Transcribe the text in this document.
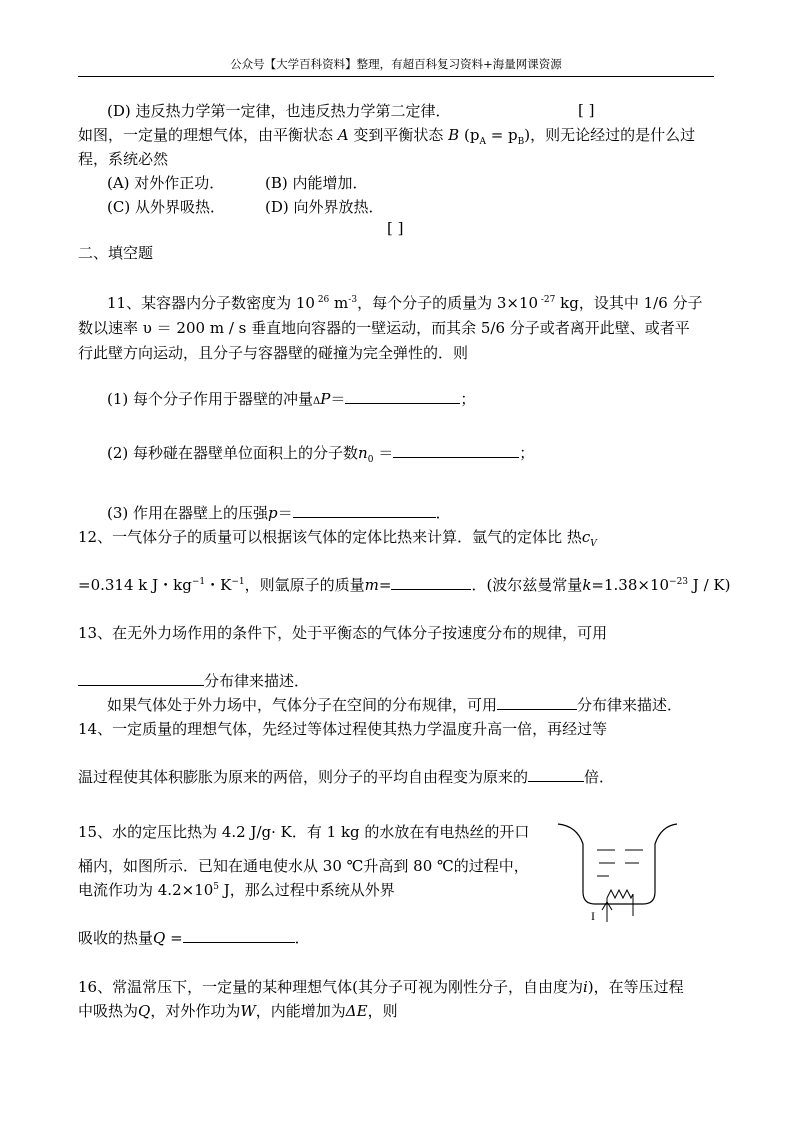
公众号【大学百科资料】整理，有超百科复习资料+海量网课资源
(D) 违反热力学第一定律，也违反热力学第二定律．	[ ]
如图，一定量的理想气体，由平衡状态 A 变到平衡状态 B $(p_A = p_B)$，则无论经过的是什么过
程，系统必然
(A) 对外作正功．	(B) 内能增加．
(C) 从外界吸热．	(D) 向外界放热．
[ ]
二、填空题
11、某容器内分子数密度为 10 $^{26}$ $m^{-3}$，每个分子的质量为 3×10 $^{-27}$ kg，设其中 1/6 分子
数以速率 υ ＝ 200 m / s 垂直地向容器的一壁运动，而其余 5/6 分子或者离开此壁、或者平
行此壁方向运动，且分子与容器壁的碰撞为完全弹性的．则
(1) 每个分子作用于器壁的冲量ΔP＝	；
(2) 每秒碰在器壁单位面积上的分子数$n_0$ ＝	；
(3) 作用在器壁上的压强p＝	．
12、一气体分子的质量可以根据该气体的定体比热来计算．氩气的定体比 热$c_V$
=0.314 k J・$kg^{-1}$・$K^{-1}$，则氩原子的质量m=	．(波尔兹曼常量$k=1.38\times 10^{-23}$ J / K)
13、在无外力场作用的条件下，处于平衡态的气体分子按速度分布的规律，可用
分布律来描述．
如果气体处于外力场中，气体分子在空间的分布规律，可用	分布律来描述．
14、一定质量的理想气体，先经过等体过程使其热力学温度升高一倍，再经过等
温过程使其体积膨胀为原来的两倍，则分子的平均自由程变为原来的	倍．
15、水的定压比热为 4.2 J/g· K．有 1 kg 的水放在有电热丝的开口
桶内，如图所示．已知在通电使水从 30 ℃升高到 80 ℃的过程中，
电流作功为 $4.2\times 10^5$ J，那么过程中系统从外界
吸收的热量Q =	．
I
16、常温常压下，一定量的某种理想气体(其分子可视为刚性分子，自由度为i)，在等压过程
中吸热为Q，对外作功为W，内能增加为ΔE，则
